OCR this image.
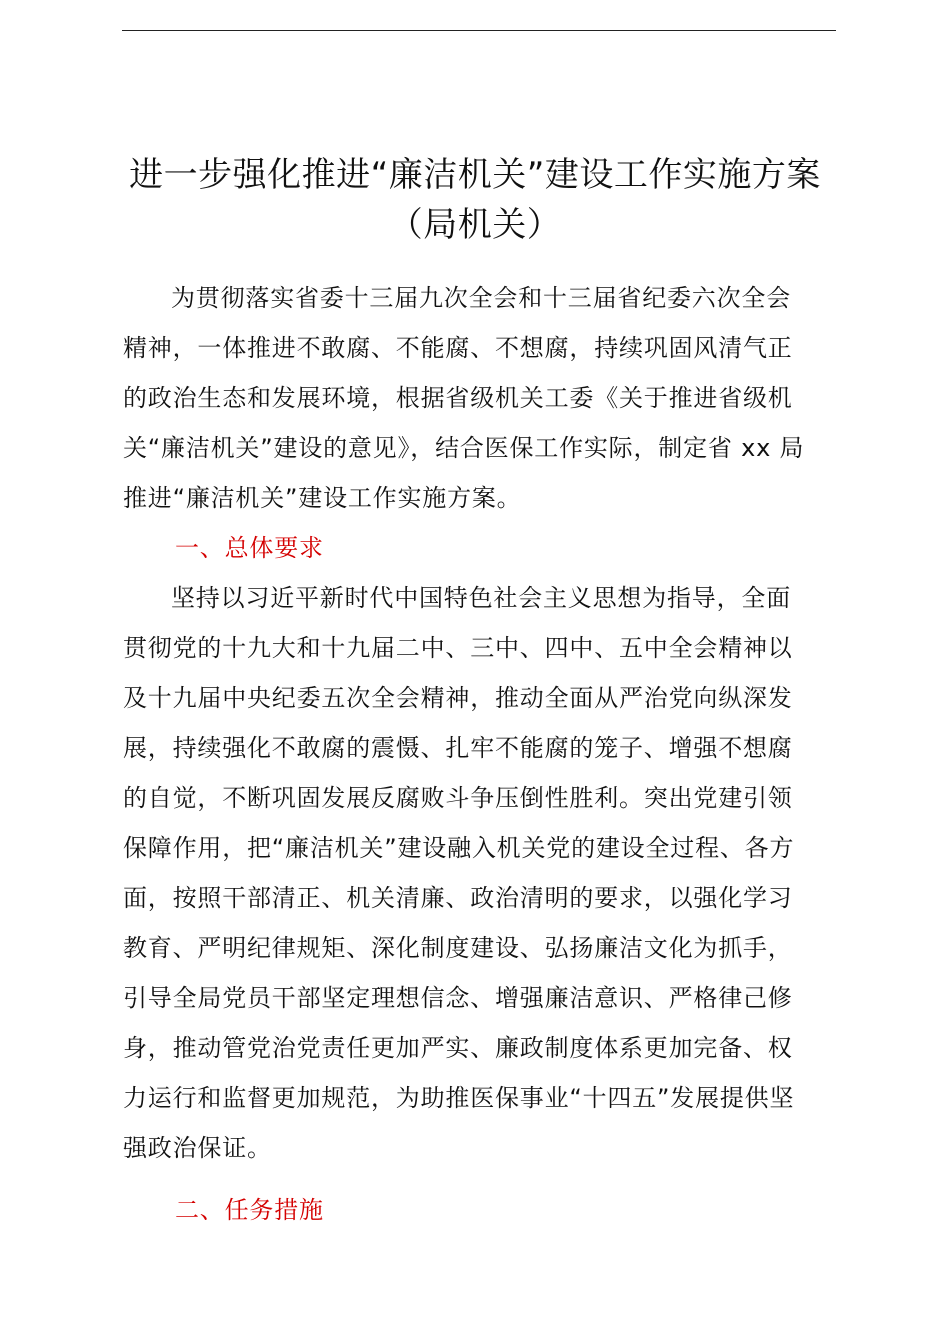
进一步强化推进“廉洁机关”建设工作实施方案
（局机关）

为贯彻落实省委十三届九次全会和十三届省纪委六次全会
精神，一体推进不敢腐、不能腐、不想腐，持续巩固风清气正
的政治生态和发展环境，根据省级机关工委《关于推进省级机
关“廉洁机关”建设的意见》，结合医保工作实际，制定省 xx 局
推进“廉洁机关”建设工作实施方案。

一、总体要求

坚持以习近平新时代中国特色社会主义思想为指导，全面
贯彻党的十九大和十九届二中、三中、四中、五中全会精神以
及十九届中央纪委五次全会精神，推动全面从严治党向纵深发
展，持续强化不敢腐的震慑、扎牢不能腐的笼子、增强不想腐
的自觉，不断巩固发展反腐败斗争压倒性胜利。突出党建引领
保障作用，把“廉洁机关”建设融入机关党的建设全过程、各方
面，按照干部清正、机关清廉、政治清明的要求，以强化学习
教育、严明纪律规矩、深化制度建设、弘扬廉洁文化为抓手，
引导全局党员干部坚定理想信念、增强廉洁意识、严格律己修
身，推动管党治党责任更加严实、廉政制度体系更加完备、权
力运行和监督更加规范，为助推医保事业“十四五”发展提供坚
强政治保证。

二、任务措施
